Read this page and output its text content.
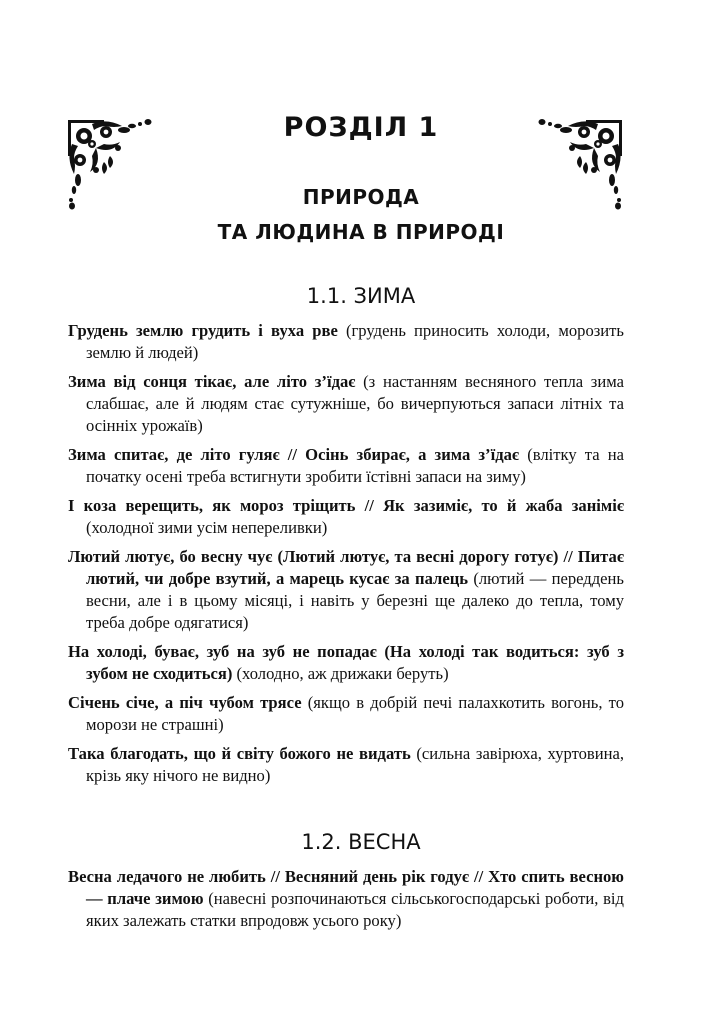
РОЗДІЛ 1
ПРИРОДА
ТА ЛЮДИНА В ПРИРОДІ
1.1. ЗИМА
Грудень землю грудить і вуха рве (грудень приносить холоди, морозить землю й людей)
Зима від сонця тікає, але літо з’їдає (з настанням весняного тепла зима слабшає, але й людям стає сутужніше, бо вичерпуються запаси літніх та осінніх урожаїв)
Зима спитає, де літо гуляє // Осінь збирає, а зима з’їдає (влітку та на початку осені треба встигнути зробити їстівні запаси на зиму)
І коза верещить, як мороз тріщить // Як зазиміє, то й жаба заніміє (холодної зими усім непереливки)
Лютий лютує, бо весну чує (Лютий лютує, та весні дорогу готує) // Питає лютий, чи добре взутий, а марець кусає за палець (лютий — переддень весни, але і в цьому місяці, і навіть у березні ще далеко до тепла, тому треба добре одягатися)
На холоді, буває, зуб на зуб не попадає (На холоді так водиться: зуб з зубом не сходиться) (холодно, аж дрижаки беруть)
Січень січе, а піч чубом трясе (якщо в добрій печі палахкотить вогонь, то морози не страшні)
Така благодать, що й світу божого не видать (сильна завірюха, хуртовина, крізь яку нічого не видно)
1.2. ВЕСНА
Весна ледачого не любить // Весняний день рік годує // Хто спить весною — плаче зимою (навесні розпочинаються сільськогосподарські роботи, від яких залежать статки впродовж усього року)
